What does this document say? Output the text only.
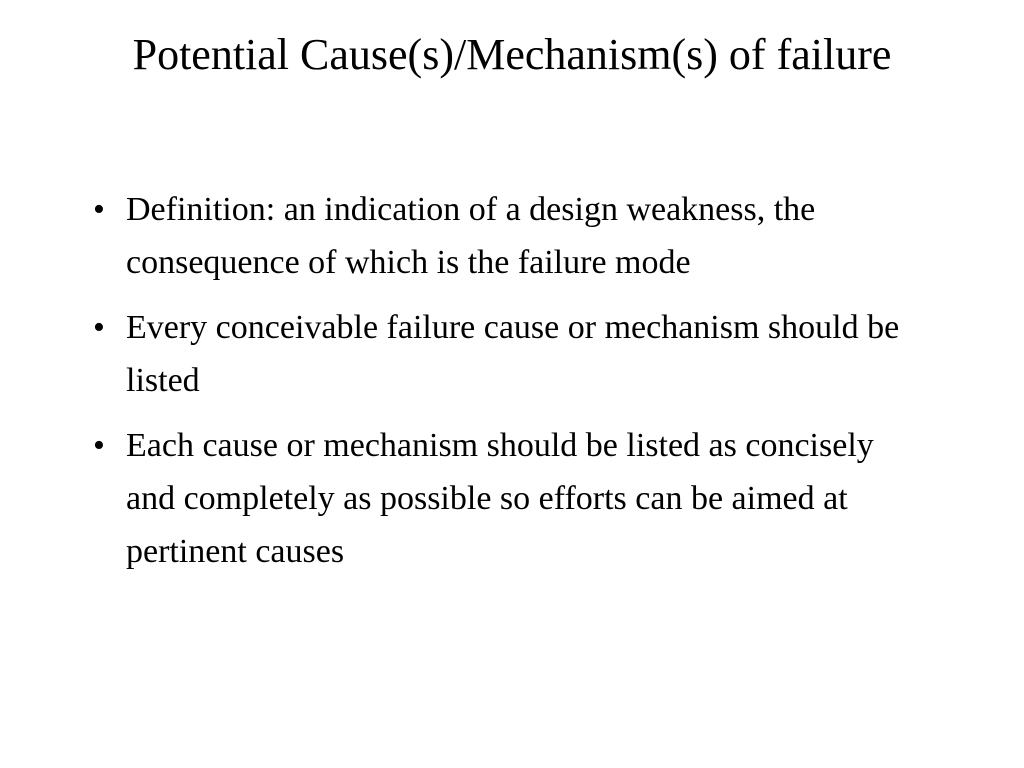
Potential Cause(s)/Mechanism(s) of failure
• Definition: an indication of a design weakness, the consequence of which is the failure mode
• Every conceivable failure cause or mechanism should be listed
• Each cause or mechanism should be listed as concisely and completely as possible so efforts can be aimed at pertinent causes
